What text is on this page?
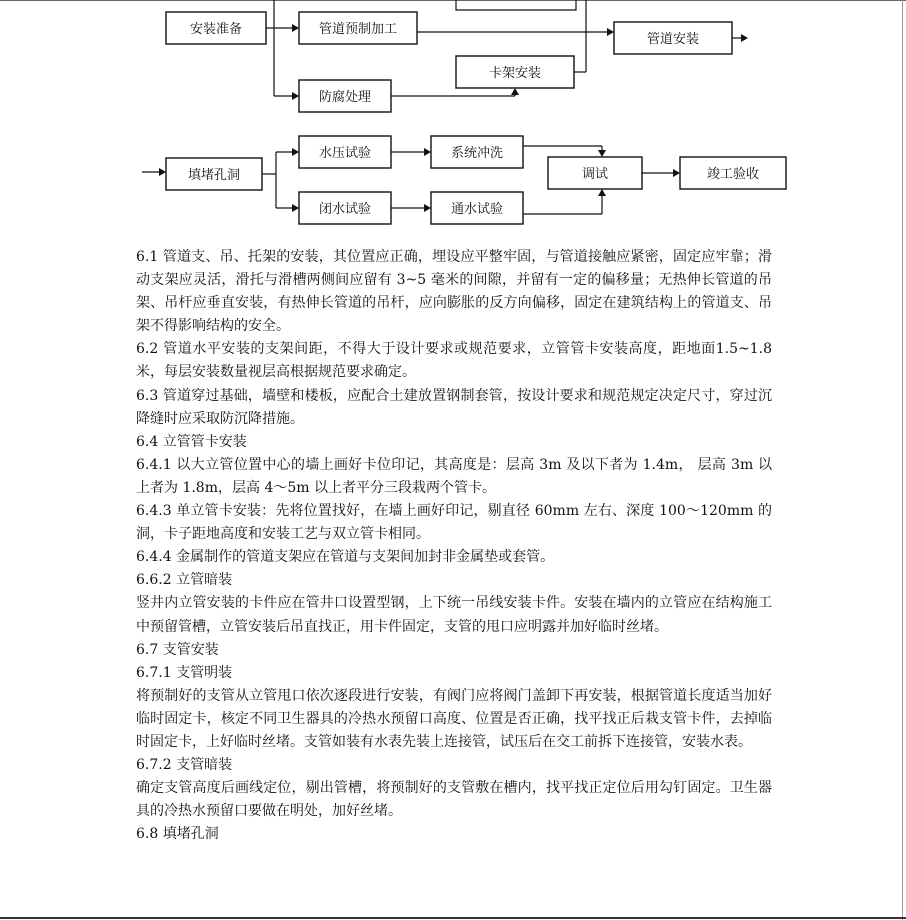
安装准备	管道预制加工
防腐处理
卡架安装
管道安装
填堵孔洞
水压试验	系统冲洗
闭水试验	通水试验
调试	竣工验收

6.1 管道支、吊、托架的安装，其位置应正确，埋设应平整牢固，与管道接触应紧密，固定应牢靠；滑动支架应灵活，滑托与滑槽两侧间应留有 3~5 毫米的间隙，并留有一定的偏移量；无热伸长管道的吊架、吊杆应垂直安装，有热伸长管道的吊杆，应向膨胀的反方向偏移，固定在建筑结构上的管道支、吊架不得影响结构的安全。

6.2 管道水平安装的支架间距，不得大于设计要求或规范要求，立管管卡安装高度，距地面1.5~1.8 米，每层安装数量视层高根据规范要求确定。

6.3 管道穿过基础，墙壁和楼板，应配合土建放置钢制套管，按设计要求和规范规定决定尺寸，穿过沉降缝时应采取防沉降措施。

6.4 立管管卡安装

6.4.1 以大立管位置中心的墙上画好卡位印记，其高度是：层高 3m 及以下者为 1.4m， 层高 3m 以上者为 1.8m，层高 4～5m 以上者平分三段栽两个管卡。

6.4.3 单立管卡安装：先将位置找好，在墙上画好印记，剔直径 60mm 左右、深度 100～120mm 的洞，卡子距地高度和安装工艺与双立管卡相同。

6.4.4 金属制作的管道支架应在管道与支架间加封非金属垫或套管。

6.6.2 立管暗装

竖井内立管安装的卡件应在管井口设置型钢，上下统一吊线安装卡件。安装在墙内的立管应在结构施工中预留管槽，立管安装后吊直找正，用卡件固定，支管的甩口应明露并加好临时丝堵。

6.7 支管安装

6.7.1 支管明装

将预制好的支管从立管甩口依次逐段进行安装，有阀门应将阀门盖卸下再安装，根据管道长度适当加好临时固定卡，核定不同卫生器具的冷热水预留口高度、位置是否正确，找平找正后栽支管卡件，去掉临时固定卡，上好临时丝堵。支管如装有水表先装上连接管，试压后在交工前拆下连接管，安装水表。

6.7.2 支管暗装

确定支管高度后画线定位，剔出管槽，将预制好的支管敷在槽内，找平找正定位后用勾钉固定。卫生器具的冷热水预留口要做在明处，加好丝堵。

6.8 填堵孔洞
